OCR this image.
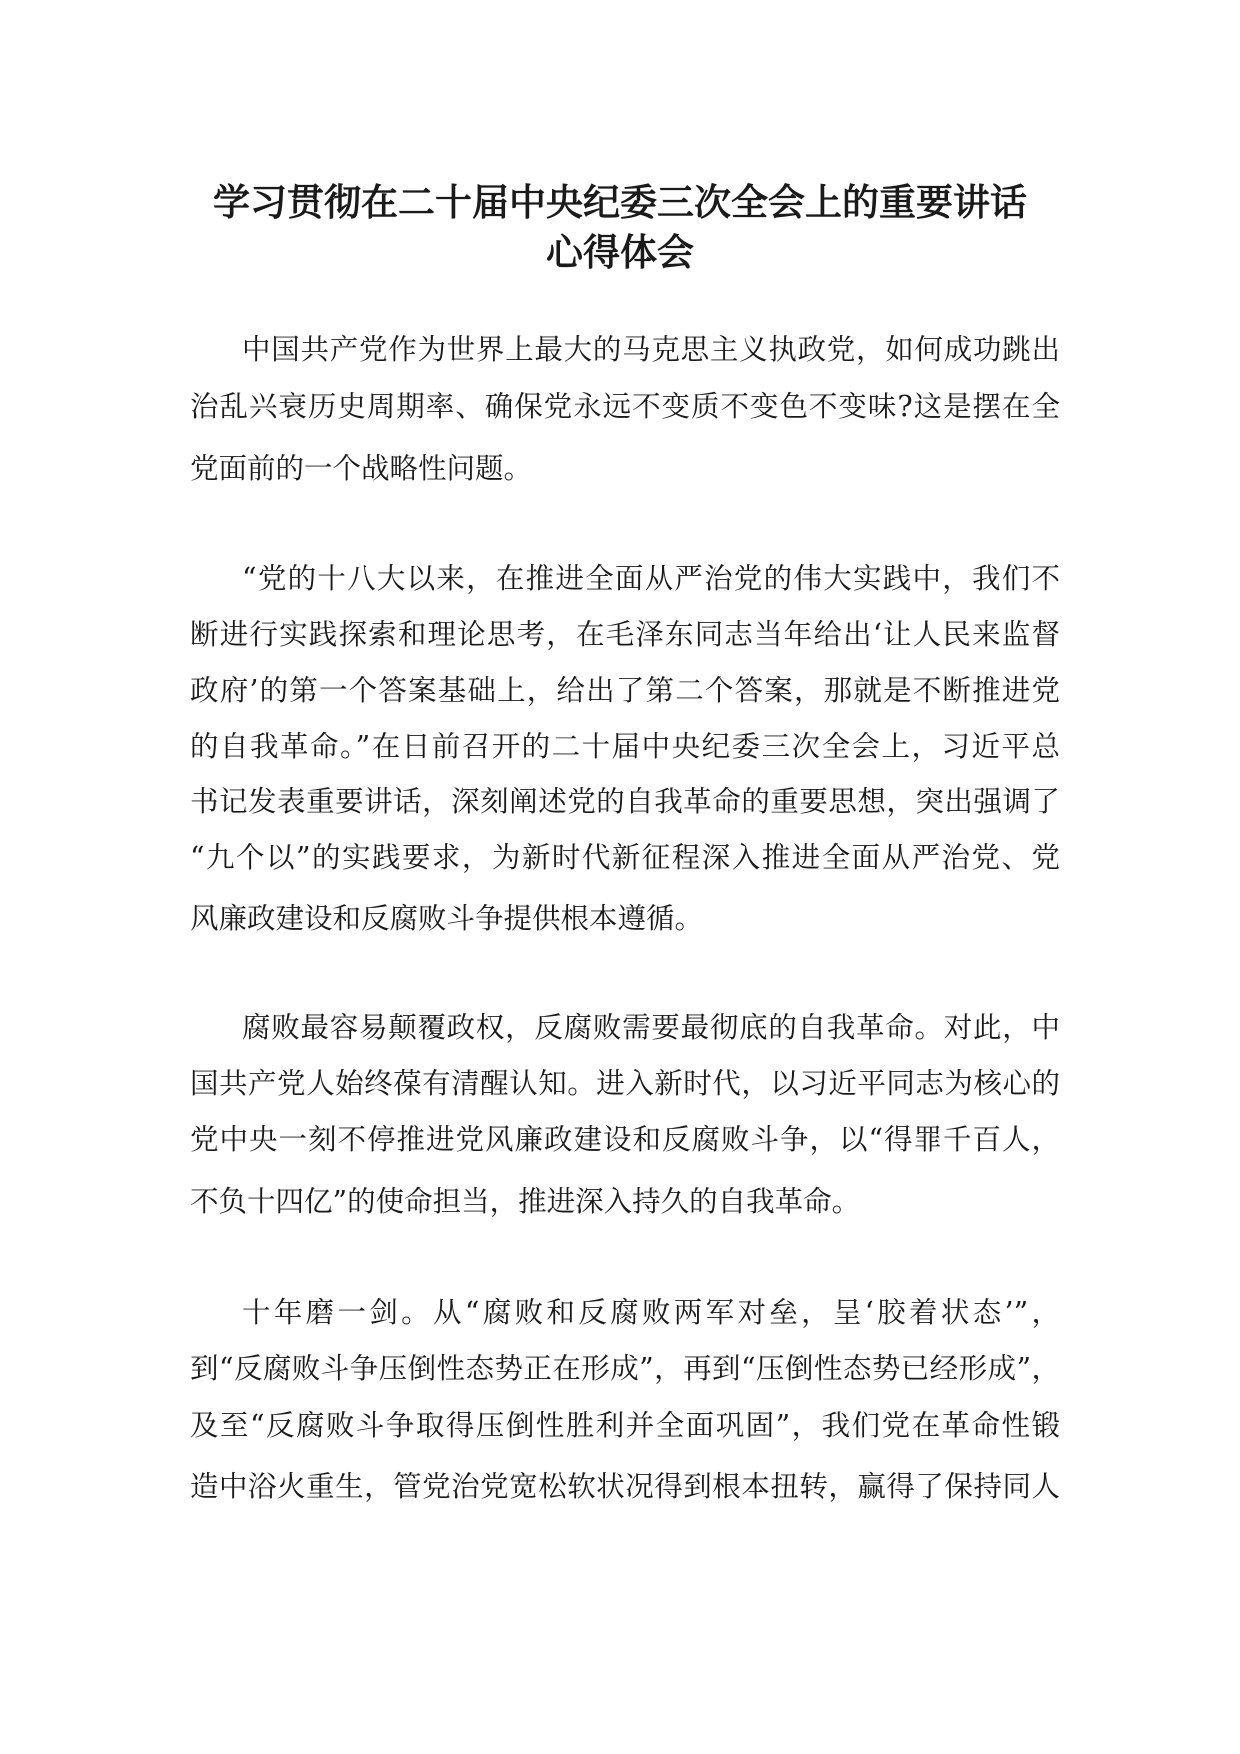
学习贯彻在二十届中央纪委三次全会上的重要讲话
心得体会
中国共产党作为世界上最大的马克思主义执政党，如何成功跳出
治乱兴衰历史周期率、确保党永远不变质不变色不变味?这是摆在全
党面前的一个战略性问题。
“党的十八大以来，在推进全面从严治党的伟大实践中，我们不
断进行实践探索和理论思考，在毛泽东同志当年给出‘让人民来监督
政府’的第一个答案基础上，给出了第二个答案，那就是不断推进党
的自我革命。”在日前召开的二十届中央纪委三次全会上，习近平总
书记发表重要讲话，深刻阐述党的自我革命的重要思想，突出强调了
“九个以”的实践要求，为新时代新征程深入推进全面从严治党、党
风廉政建设和反腐败斗争提供根本遵循。
腐败最容易颠覆政权，反腐败需要最彻底的自我革命。对此，中
国共产党人始终葆有清醒认知。进入新时代，以习近平同志为核心的
党中央一刻不停推进党风廉政建设和反腐败斗争，以“得罪千百人，
不负十四亿”的使命担当，推进深入持久的自我革命。
十年磨一剑。从“腐败和反腐败两军对垒，呈‘胶着状态’”，
到“反腐败斗争压倒性态势正在形成”，再到“压倒性态势已经形成”，
及至“反腐败斗争取得压倒性胜利并全面巩固”，我们党在革命性锻
造中浴火重生，管党治党宽松软状况得到根本扭转，赢得了保持同人
